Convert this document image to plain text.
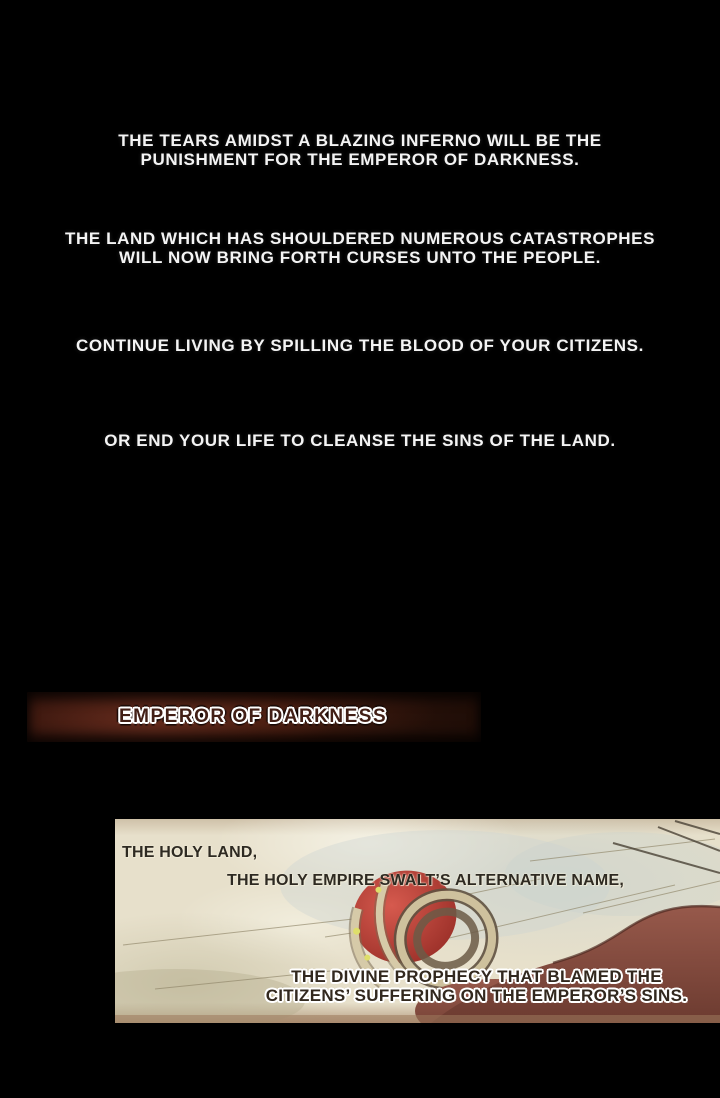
THE TEARS AMIDST A BLAZING INFERNO WILL BE THE
PUNISHMENT FOR THE EMPEROR OF DARKNESS.
THE LAND WHICH HAS SHOULDERED NUMEROUS CATASTROPHES
WILL NOW BRING FORTH CURSES UNTO THE PEOPLE.
CONTINUE LIVING BY SPILLING THE BLOOD OF YOUR CITIZENS.
OR END YOUR LIFE TO CLEANSE THE SINS OF THE LAND.
EMPEROR OF DARKNESS
THE HOLY LAND,
THE HOLY EMPIRE SWALT’S ALTERNATIVE NAME,
THE DIVINE PROPHECY THAT BLAMED THE
CITIZENS’ SUFFERING ON THE EMPEROR’S SINS.
